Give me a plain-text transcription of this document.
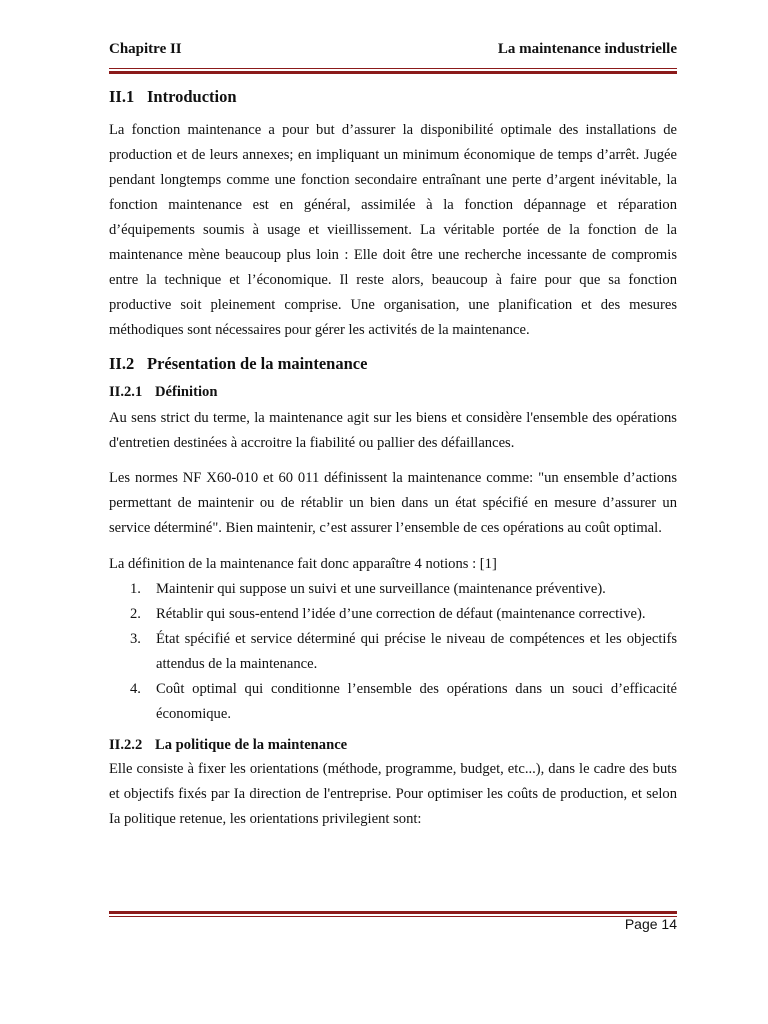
Chapitre II	La maintenance industrielle
II.1 Introduction

La fonction maintenance a pour but d’assurer la disponibilité optimale des installations de production et de leurs annexes; en impliquant un minimum économique de temps d’arrêt. Jugée pendant longtemps comme une fonction secondaire entraînant une perte d’argent inévitable, la fonction maintenance est en général, assimilée à la fonction dépannage et réparation d’équipements soumis à usage et vieillissement. La véritable portée de la fonction de la maintenance mène beaucoup plus loin : Elle doit être une recherche incessante de compromis entre la technique et l’économique. Il reste alors, beaucoup à faire pour que sa fonction productive soit pleinement comprise. Une organisation, une planification et des mesures méthodiques sont nécessaires pour gérer les activités de la maintenance.

II.2 Présentation de la maintenance
II.2.1 Définition

Au sens strict du terme, la maintenance agit sur les biens et considère l'ensemble des opérations d'entretien destinées à accroitre la fiabilité ou pallier des défaillances.

Les normes NF X60-010 et 60 011 définissent la maintenance comme: "un ensemble d’actions permettant de maintenir ou de rétablir un bien dans un état spécifié en mesure d’assurer un service déterminé". Bien maintenir, c’est assurer l’ensemble de ces opérations au coût optimal.

La définition de la maintenance fait donc apparaître 4 notions : [1]

1. Maintenir qui suppose un suivi et une surveillance (maintenance préventive).
2. Rétablir qui sous-entend l’idée d’une correction de défaut (maintenance corrective).
3. État spécifié et service déterminé qui précise le niveau de compétences et les objectifs attendus de la maintenance.
4. Coût optimal qui conditionne l’ensemble des opérations dans un souci d’efficacité économique.
II.2.2 La politique de la maintenance

Elle consiste à fixer les orientations (méthode, programme, budget, etc...), dans le cadre des buts et objectifs fixés par Ia direction de l'entreprise. Pour optimiser les coûts de production, et selon Ia politique retenue, les orientations privilegient sont:

Page 14
